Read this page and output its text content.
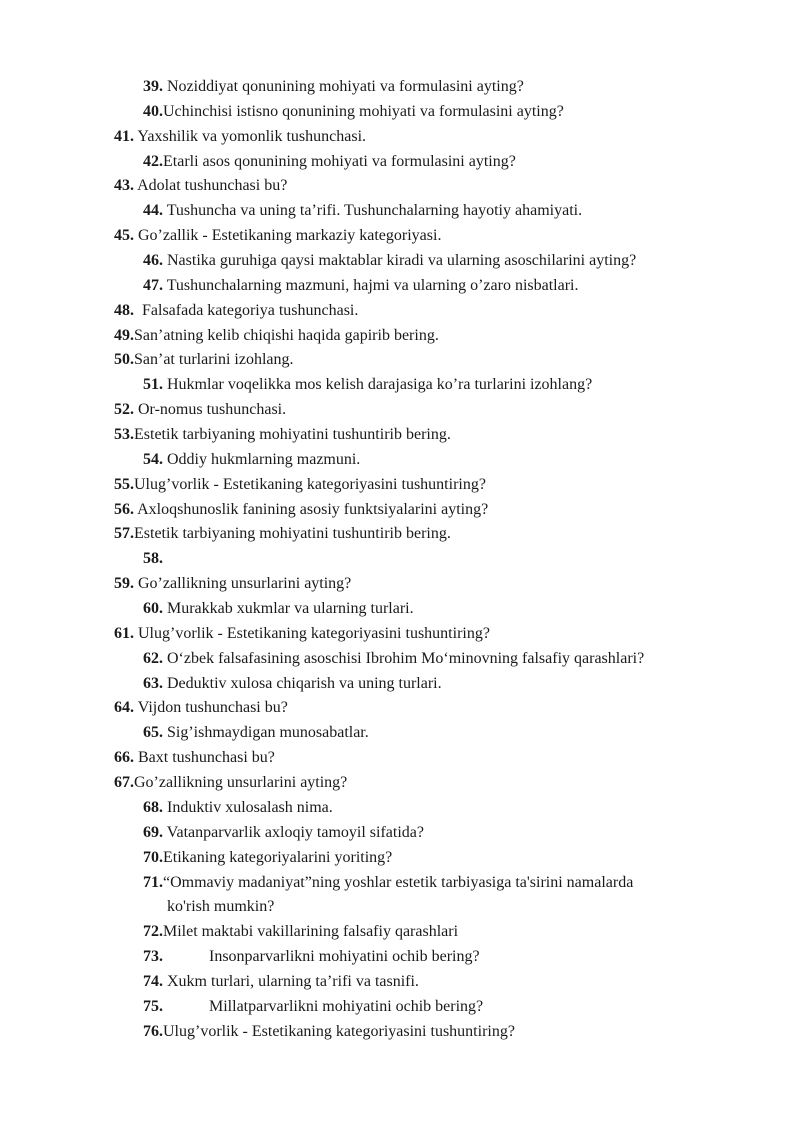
39. Noziddiyat qonunining mohiyati va formulasini ayting?
40.Uchinchisi istisno qonunining mohiyati va formulasini ayting?
41. Yaxshilik va yomonlik tushunchasi.
42.Etarli asos qonunining mohiyati va formulasini ayting?
43. Adolat tushunchasi bu?
44. Tushuncha va uning ta’rifi. Tushunchalarning hayotiy ahamiyati.
45. Go’zallik - Estetikaning markaziy kategoriyasi.
46. Nastika guruhiga qaysi maktablar kiradi va ularning asoschilarini ayting?
47. Tushunchalarning mazmuni, hajmi va ularning o’zaro nisbatlari.
48. Falsafada kategoriya tushunchasi.
49.San’atning kelib chiqishi haqida gapirib bering.
50.San’at turlarini izohlang.
51. Hukmlar voqelikka mos kelish darajasiga ko’ra turlarini izohlang?
52. Or-nomus tushunchasi.
53.Estetik tarbiyaning mohiyatini tushuntirib bering.
54. Oddiy hukmlarning mazmuni.
55.Ulug’vorlik - Estetikaning kategoriyasini tushuntiring?
56. Axloqshunoslik fanining asosiy funktsiyalarini ayting?
57.Estetik tarbiyaning mohiyatini tushuntirib bering.
58.
59. Go’zallikning unsurlarini ayting?
60. Murakkab xukmlar va ularning turlari.
61. Ulug’vorlik - Estetikaning kategoriyasini tushuntiring?
62. O‘zbek falsafasining asoschisi Ibrohim Mo‘minovning falsafiy qarashlari?
63. Deduktiv xulosa chiqarish va uning turlari.
64. Vijdon tushunchasi bu?
65. Sig’ishmaydigan munosabatlar.
66. Baxt tushunchasi bu?
67.Go’zallikning unsurlarini ayting?
68. Induktiv xulosalash nima.
69. Vatanparvarlik axloqiy tamoyil sifatida?
70.Etikaning kategoriyalarini yoriting?
71.“Ommaviy madaniyat”ning yoshlar estetik tarbiyasiga ta'sirini namalarda
ko'rish mumkin?
72.Milet maktabi vakillarining falsafiy qarashlari
73.	Insonparvarlikni mohiyatini ochib bering?
74. Xukm turlari, ularning ta’rifi va tasnifi.
75.	Millatparvarlikni mohiyatini ochib bering?
76.Ulug’vorlik - Estetikaning kategoriyasini tushuntiring?
